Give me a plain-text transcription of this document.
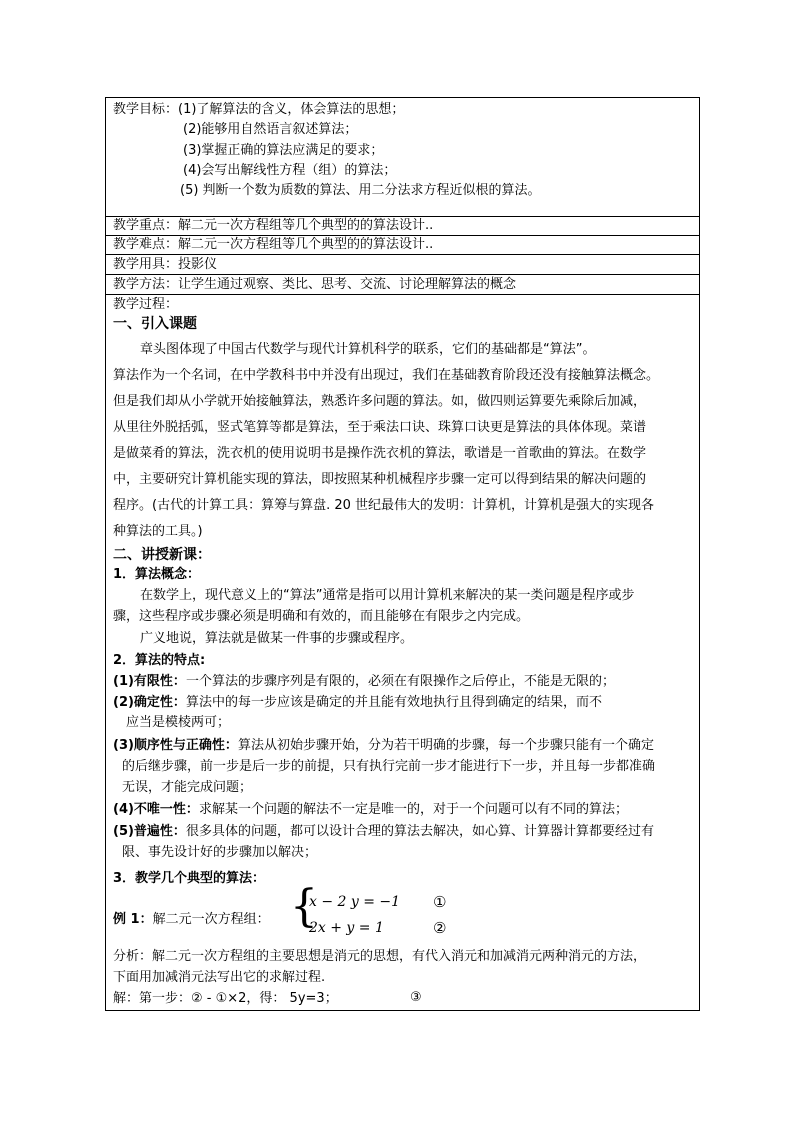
教学目标： (1)了解算法的含义，体会算法的思想；
(2)能够用自然语言叙述算法；
(3)掌握正确的算法应满足的要求；
(4)会写出解线性方程（组）的算法；
(5) 判断一个数为质数的算法、用二分法求方程近似根的算法。
教学重点：解二元一次方程组等几个典型的的算法设计..
教学难点：解二元一次方程组等几个典型的的算法设计..
教学用具：投影仪
教学方法：让学生通过观察、类比、思考、交流、讨论理解算法的概念
教学过程：
一、引入课题
章头图体现了中国古代数学与现代计算机科学的联系，它们的基础都是“算法”。
算法作为一个名词，在中学教科书中并没有出现过，我们在基础教育阶段还没有接触算法概念。
但是我们却从小学就开始接触算法，熟悉许多问题的算法。如，做四则运算要先乘除后加减，
从里往外脱括弧，竖式笔算等都是算法，至于乘法口诀、珠算口诀更是算法的具体体现。菜谱
是做菜肴的算法，洗衣机的使用说明书是操作洗衣机的算法，歌谱是一首歌曲的算法。在数学
中，主要研究计算机能实现的算法，即按照某种机械程序步骤一定可以得到结果的解决问题的
程序。(古代的计算工具：算筹与算盘. 20 世纪最伟大的发明：计算机，计算机是强大的实现各
种算法的工具。)
二、讲授新课：
1．算法概念：
在数学上，现代意义上的“算法”通常是指可以用计算机来解决的某一类问题是程序或步
骤，这些程序或步骤必须是明确和有效的，而且能够在有限步之内完成。
广义地说，算法就是做某一件事的步骤或程序。
2．算法的特点:
(1)有限性：一个算法的步骤序列是有限的，必须在有限操作之后停止，不能是无限的；
(2)确定性：算法中的每一步应该是确定的并且能有效地执行且得到确定的结果，而不
应当是模棱两可；
(3)顺序性与正确性：算法从初始步骤开始，分为若干明确的步骤，每一个步骤只能有一个确定
的后继步骤，前一步是后一步的前提，只有执行完前一步才能进行下一步，并且每一步都准确
无误，才能完成问题；
(4)不唯一性：求解某一个问题的解法不一定是唯一的，对于一个问题可以有不同的算法；
(5)普遍性：很多具体的问题，都可以设计合理的算法去解决，如心算、计算器计算都要经过有
限、事先设计好的步骤加以解决；
3．教学几个典型的算法：
例 1：解二元一次方程组： {
x − 2 y = −1
2x + y = 1
①
②
分析：解二元一次方程组的主要思想是消元的思想，有代入消元和加减消元两种消元的方法，
下面用加减消元法写出它的求解过程.
解：第一步：② - ①×2，得： 5y=3；	③
